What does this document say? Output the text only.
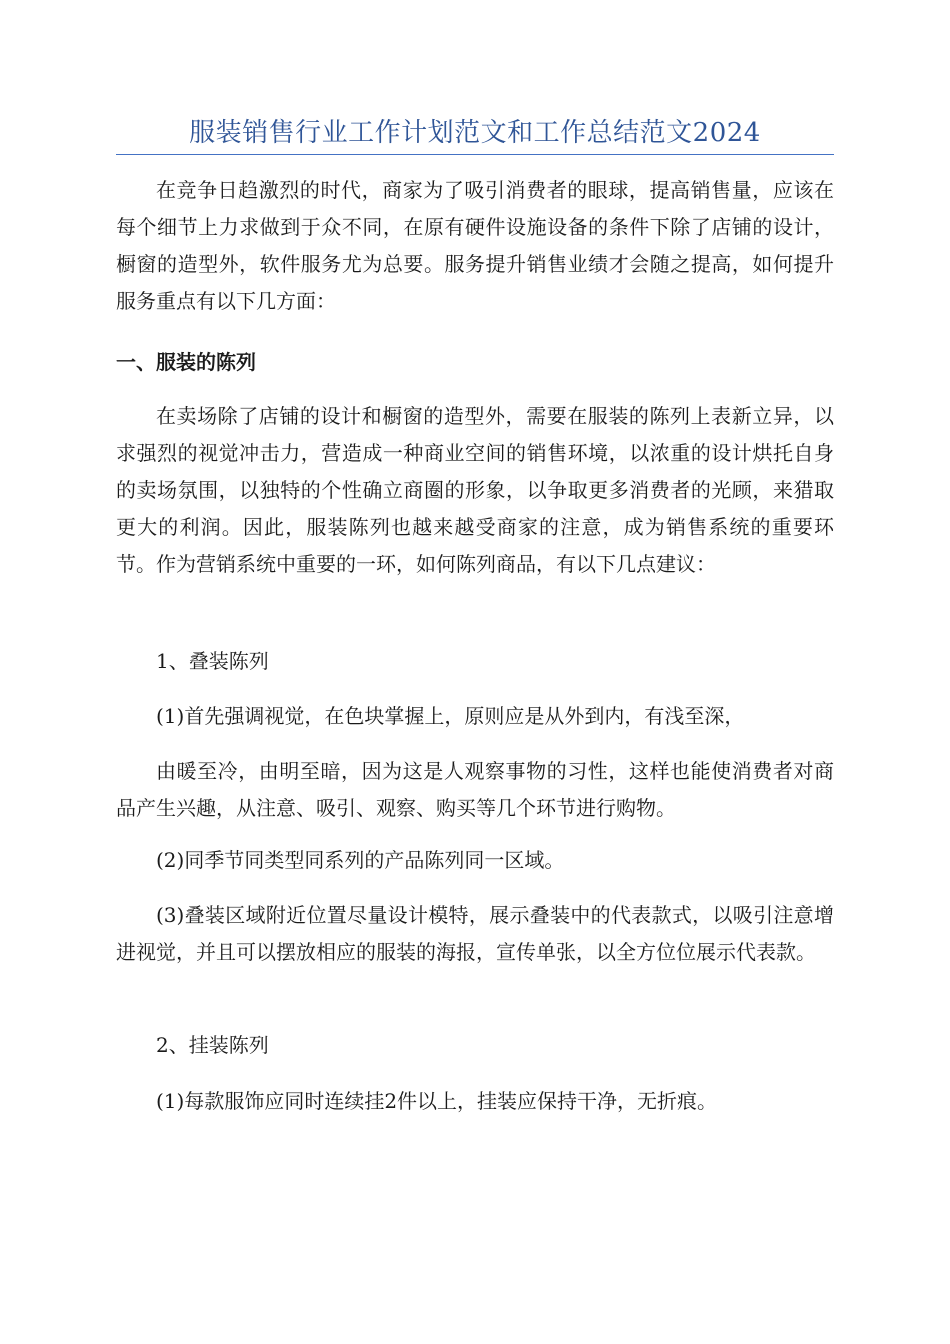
服装销售行业工作计划范文和工作总结范文2024

在竞争日趋激烈的时代，商家为了吸引消费者的眼球，提高销售量，应该在每个细节上力求做到于众不同，在原有硬件设施设备的条件下除了店铺的设计，橱窗的造型外，软件服务尤为总要。服务提升销售业绩才会随之提高，如何提升服务重点有以下几方面：

一、服装的陈列

在卖场除了店铺的设计和橱窗的造型外，需要在服装的陈列上表新立异，以求强烈的视觉冲击力，营造成一种商业空间的销售环境，以浓重的设计烘托自身的卖场氛围，以独特的个性确立商圈的形象，以争取更多消费者的光顾，来猎取更大的利润。因此，服装陈列也越来越受商家的注意，成为销售系统的重要环节。作为营销系统中重要的一环，如何陈列商品，有以下几点建议：

1、叠装陈列

(1)首先强调视觉，在色块掌握上，原则应是从外到内，有浅至深，

由暖至冷，由明至暗，因为这是人观察事物的习性，这样也能使消费者对商品产生兴趣，从注意、吸引、观察、购买等几个环节进行购物。

(2)同季节同类型同系列的产品陈列同一区域。

(3)叠装区域附近位置尽量设计模特，展示叠装中的代表款式，以吸引注意增进视觉，并且可以摆放相应的服装的海报，宣传单张，以全方位位展示代表款。

2、挂装陈列

(1)每款服饰应同时连续挂2件以上，挂装应保持干净，无折痕。
